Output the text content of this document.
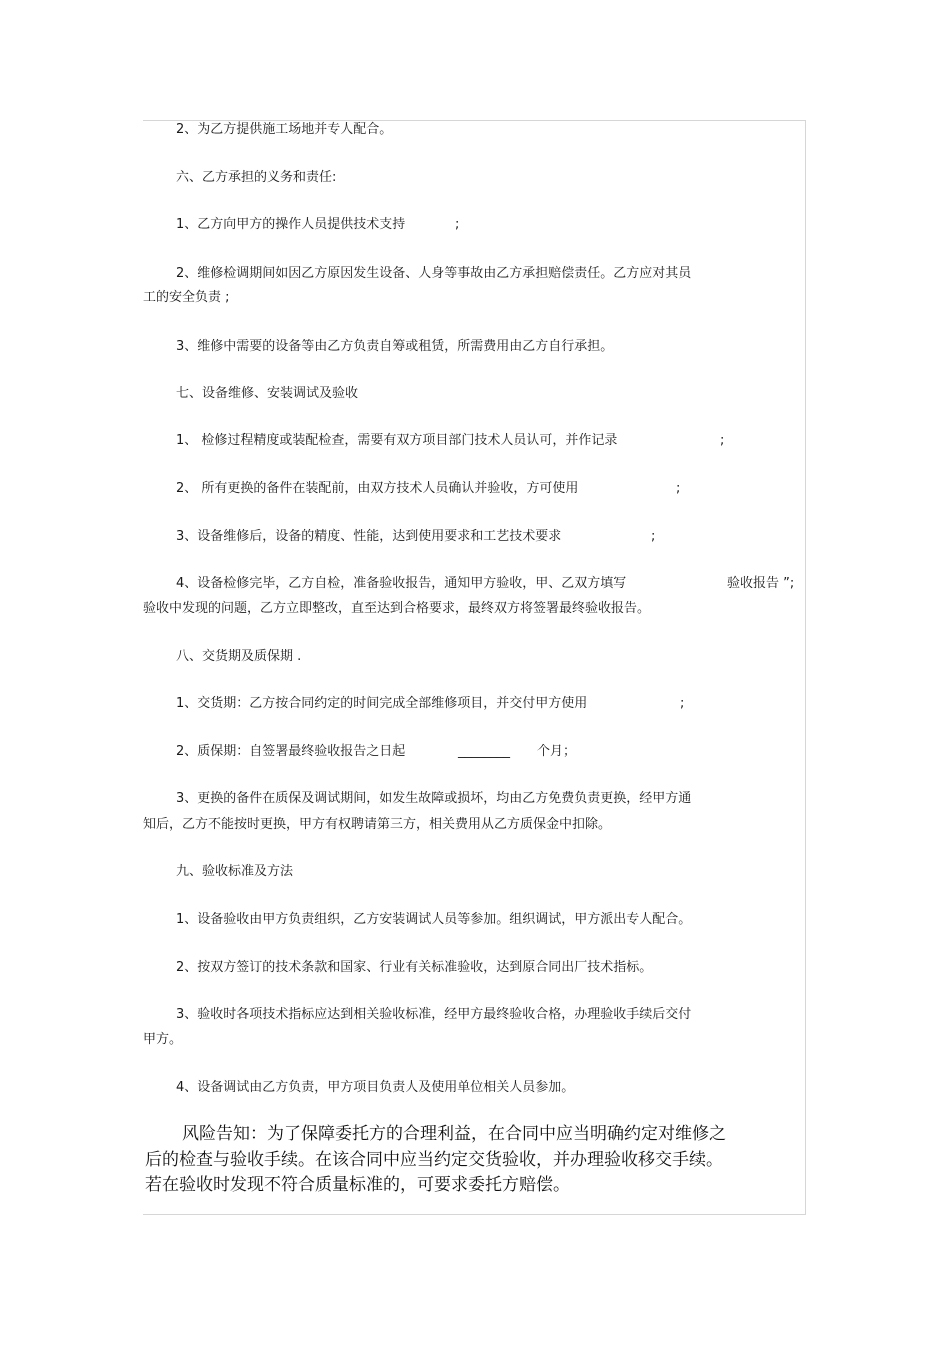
2、为乙方提供施工场地并专人配合。
六、乙方承担的义务和责任:
1、乙方向甲方的操作人员提供技术支持	;
2、维修检调期间如因乙方原因发生设备、人身等事故由乙方承担赔偿责任。乙方应对其员
工的安全负责 ;
3、维修中需要的设备等由乙方负责自筹或租赁，所需费用由乙方自行承担。
七、设备维修、安装调试及验收
1、 检修过程精度或装配检查，需要有双方项目部门技术人员认可，并作记录	;
2、 所有更换的备件在装配前，由双方技术人员确认并验收，方可使用	;
3、设备维修后，设备的精度、性能，达到使用要求和工艺技术要求	;
4、设备检修完毕，乙方自检，准备验收报告，通知甲方验收，甲、乙双方填写	验收报告 ”;
验收中发现的问题，乙方立即整改，直至达到合格要求，最终双方将签署最终验收报告。
八、交货期及质保期 .
1、交货期：乙方按合同约定的时间完成全部维修项目，并交付甲方使用	;
2、质保期：自签署最终验收报告之日起	________ 个月；
3、更换的备件在质保及调试期间，如发生故障或损坏，均由乙方免费负责更换，经甲方通
知后，乙方不能按时更换，甲方有权聘请第三方，相关费用从乙方质保金中扣除。
九、验收标准及方法
1、设备验收由甲方负责组织，乙方安装调试人员等参加。组织调试，甲方派出专人配合。
2、按双方签订的技术条款和国家、行业有关标准验收，达到原合同出厂技术指标。
3、验收时各项技术指标应达到相关验收标准，经甲方最终验收合格，办理验收手续后交付
甲方。
4、设备调试由乙方负责，甲方项目负责人及使用单位相关人员参加。
风险告知：为了保障委托方的合理利益，在合同中应当明确约定对维修之
后的检查与验收手续。在该合同中应当约定交货验收，并办理验收移交手续。
若在验收时发现不符合质量标准的，可要求委托方赔偿。
